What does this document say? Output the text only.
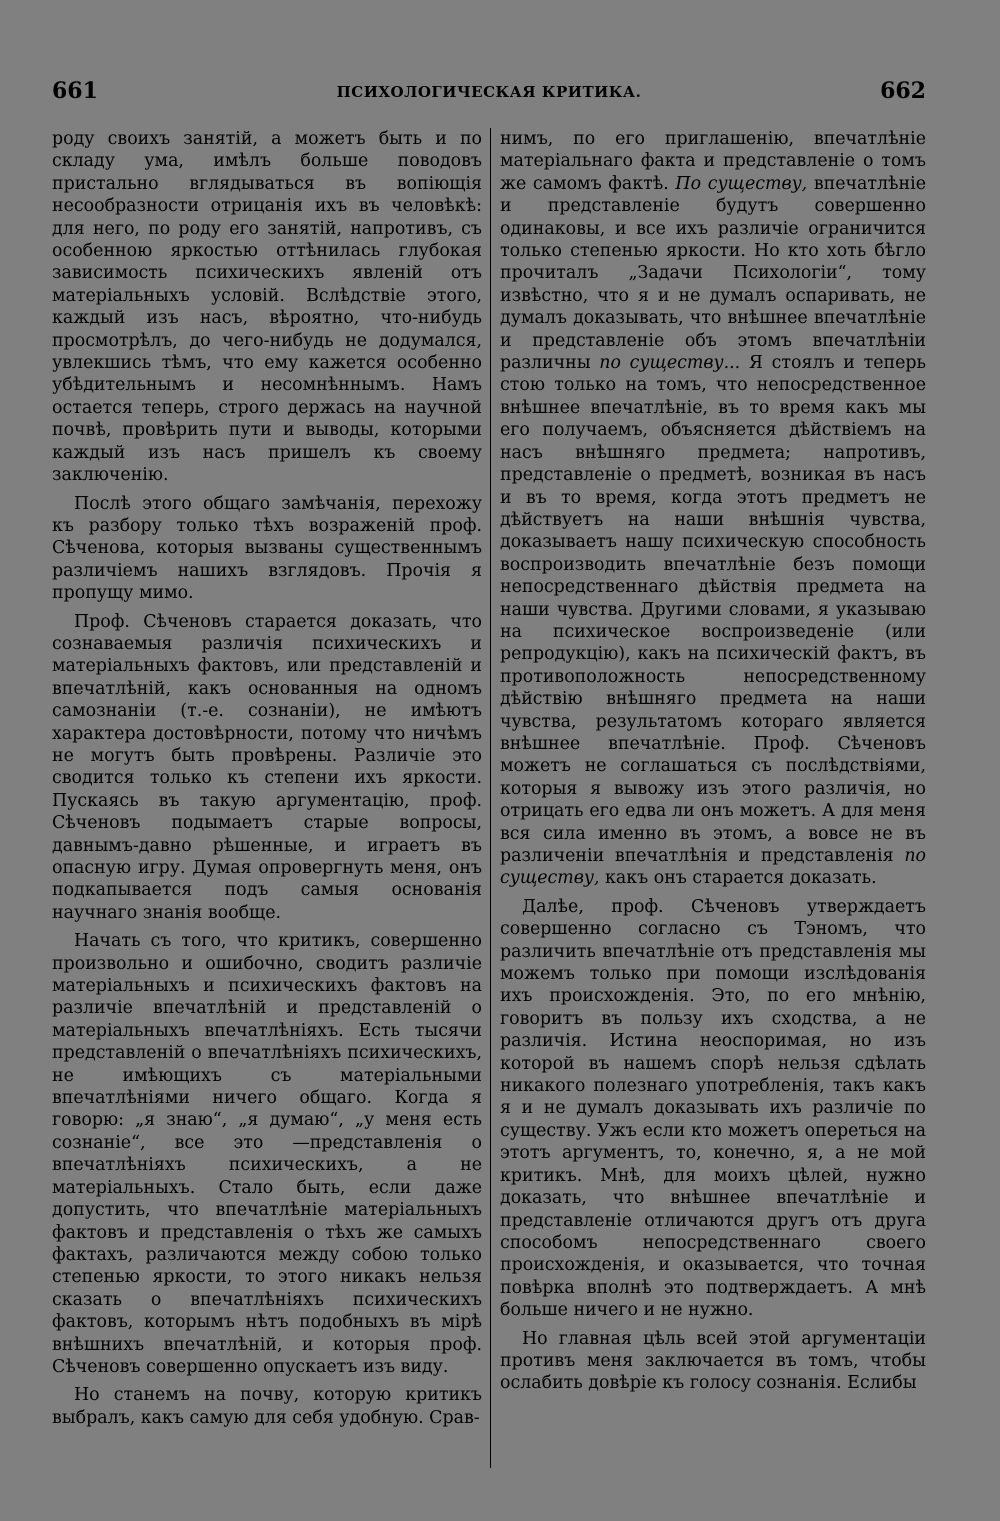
661	ПСИХОЛОГИЧЕСКАЯ КРИТИКА.	662

роду своихъ занятій, а можетъ быть и по складу ума, имѣлъ больше поводовъ пристально вглядываться въ вопіющія несообразности отрицанія ихъ въ человѣкѣ: для него, по роду его занятій, напротивъ, съ особенною яркостью оттѣнилась глубокая зависимость психическихъ явленій отъ матеріальныхъ условій. Вслѣдствіе этого, каждый изъ насъ, вѣроятно, что-нибудь просмотрѣлъ, до чего-нибудь не додумался, увлекшись тѣмъ, что ему кажется особенно убѣдительнымъ и несомнѣннымъ. Намъ остается теперь, строго держась на научной почвѣ, провѣрить пути и выводы, которыми каждый изъ насъ пришелъ къ своему заключенію.

Послѣ этого общаго замѣчанія, перехожу къ разбору только тѣхъ возраженій проф. Сѣченова, которыя вызваны существеннымъ различіемъ нашихъ взглядовъ. Прочія я пропущу мимо.

Проф. Сѣченовъ старается доказать, что сознаваемыя различія психическихъ и матеріальныхъ фактовъ, или представленій и впечатлѣній, какъ основанныя на одномъ самознаніи (т.-е. сознаніи), не имѣютъ характера достовѣрности, потому что ничѣмъ не могутъ быть провѣрены. Различіе это сводится только къ степени ихъ яркости. Пускаясь въ такую аргументацію, проф. Сѣченовъ подымаетъ старые вопросы, давнымъ-давно рѣшенные, и играетъ въ опасную игру. Думая опровергнуть меня, онъ подкапывается подъ самыя основанія научнаго знанія вообще.

Начать съ того, что критикъ, совершенно произвольно и ошибочно, сводитъ различіе матеріальныхъ и психическихъ фактовъ на различіе впечатлѣній и представленій о матеріальныхъ впечатлѣніяхъ. Есть тысячи представленій о впечатлѣніяхъ психическихъ, не имѣющихъ съ матеріальными впечатлѣніями ничего общаго. Когда я говорю: „я знаю“, „я думаю“, „у меня есть сознаніе“, все это —представленія о впечатлѣніяхъ психическихъ, а не матеріальныхъ. Стало быть, если даже допустить, что впечатлѣніе матеріальныхъ фактовъ и представленія о тѣхъ же самыхъ фактахъ, различаются между собою только степенью яркости, то этого никакъ нельзя сказать о впечатлѣніяхъ психическихъ фактовъ, которымъ нѣтъ подобныхъ въ мірѣ внѣшнихъ впечатлѣній, и которыя проф. Сѣченовъ совершенно опускаетъ изъ виду.

Но станемъ на почву, которую критикъ выбралъ, какъ самую для себя удобную. Срав-

нимъ, по его приглашенію, впечатлѣніе матеріальнаго факта и представленіе о томъ же самомъ фактѣ. По существу, впечатлѣніе и представленіе будутъ совершенно одинаковы, и все ихъ различіе ограничится только степенью яркости. Но кто хоть бѣгло прочиталъ „Задачи Психологіи“, тому извѣстно, что я и не думалъ оспаривать, не думалъ доказывать, что внѣшнее впечатлѣніе и представленіе объ этомъ впечатлѣніи различны по существу... Я стоялъ и теперь стою только на томъ, что непосредственное внѣшнее впечатлѣніе, въ то время какъ мы его получаемъ, объясняется дѣйствіемъ на насъ внѣшняго предмета; напротивъ, представленіе о предметѣ, возникая въ насъ и въ то время, когда этотъ предметъ не дѣйствуетъ на наши внѣшнія чувства, доказываетъ нашу психическую способность воспроизводить впечатлѣніе безъ помощи непосредственнаго дѣйствія предмета на наши чувства. Другими словами, я указываю на психическое воспроизведеніе (или репродукцію), какъ на психическій фактъ, въ противоположность непосредственному дѣйствію внѣшняго предмета на наши чувства, результатомъ котораго является внѣшнее впечатлѣніе. Проф. Сѣченовъ можетъ не соглашаться съ послѣдствіями, которыя я вывожу изъ этого различія, но отрицать его едва ли онъ можетъ. А для меня вся сила именно въ этомъ, а вовсе не въ различеніи впечатлѣнія и представленія по существу, какъ онъ старается доказать.

Далѣе, проф. Сѣченовъ утверждаетъ совершенно согласно съ Тэномъ, что различить впечатлѣніе отъ представленія мы можемъ только при помощи изслѣдованія ихъ происхожденія. Это, по его мнѣнію, говоритъ въ пользу ихъ сходства, а не различія. Истина неоспоримая, но изъ которой въ нашемъ спорѣ нельзя сдѣлать никакого полезнаго употребленія, такъ какъ я и не думалъ доказывать ихъ различіе по существу. Ужъ если кто можетъ опереться на этотъ аргументъ, то, конечно, я, а не мой критикъ. Мнѣ, для моихъ цѣлей, нужно доказать, что внѣшнее впечатлѣніе и представленіе отличаются другъ отъ друга способомъ непосредственнаго своего происхожденія, и оказывается, что точная повѣрка вполнѣ это подтверждаетъ. А мнѣ больше ничего и не нужно.

Но главная цѣль всей этой аргументаціи противъ меня заключается въ томъ, чтобы ослабить довѣріе къ голосу сознанія. Еслибы
